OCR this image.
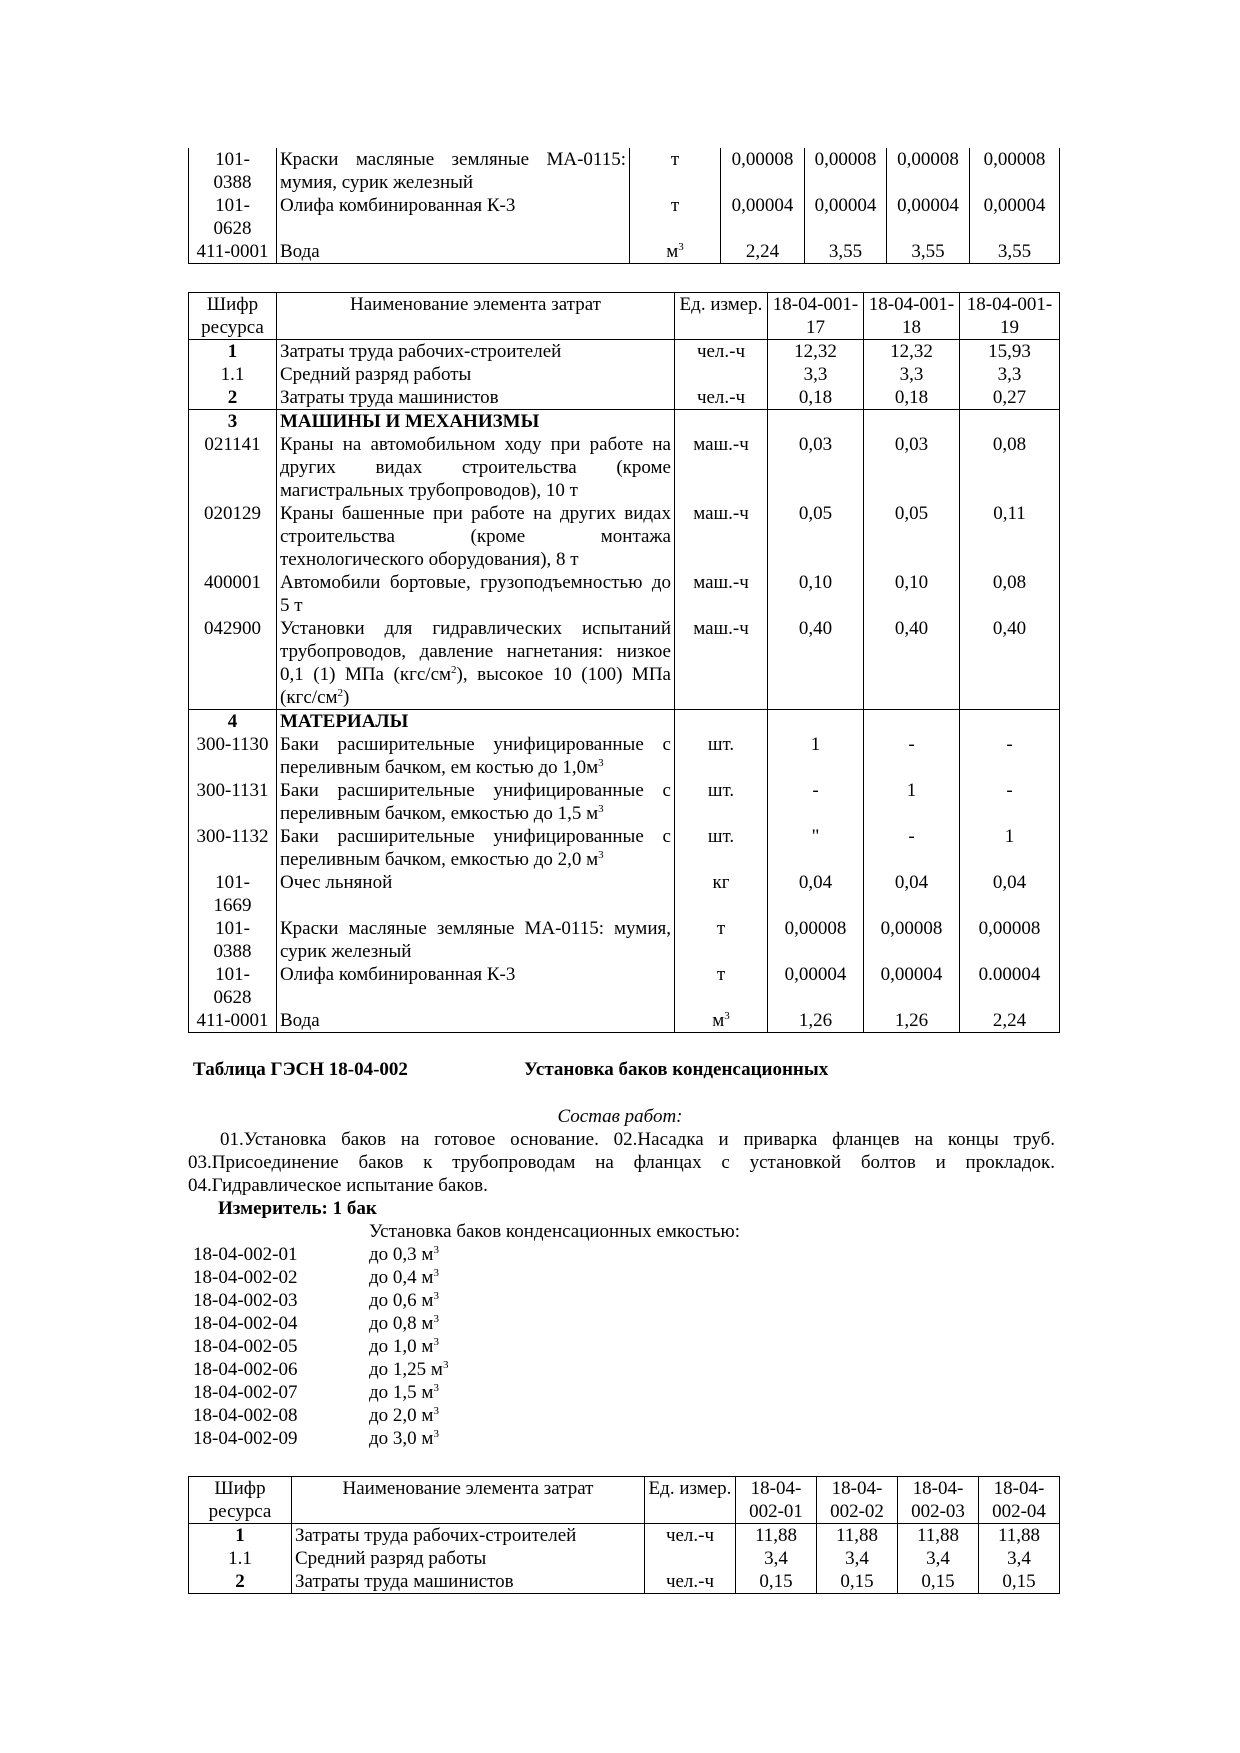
101-
0388	Краски масляные земляные МА-0115: мумия, сурик железный	т	0,00008	0,00008	0,00008	0,00008
101-
0628	Олифа комбинированная К-3	т	0,00004	0,00004	0,00004	0,00004
411-0001	Вода	$м^3$	2,24	3,55	3,55	3,55
Шифр ресурса	Наименование элемента затрат	Ед. измер.	18-04-001-17	18-04-001-18	18-04-001-19
1	Затраты труда рабочих-строителей	чел.-ч	12,32	12,32	15,93
1.1	Средний разряд работы		3,3	3,3	3,3
2	Затраты труда машинистов	чел.-ч	0,18	0,18	0,27
3	МАШИНЫ И МЕХАНИЗМЫ				
021141	Краны на автомобильном ходу при работе на других видах строительства (кроме магистральных трубопроводов), 10 т	маш.-ч	0,03	0,03	0,08
020129	Краны башенные при работе на других видах строительства (кроме монтажа технологического оборудования), 8 т	маш.-ч	0,05	0,05	0,11
400001	Автомобили бортовые, грузоподъемностью до 5 т	маш.-ч	0,10	0,10	0,08
042900	Установки для гидравлических испытаний трубопроводов, давление нагнетания: низкое 0,1 (1) МПа $(кгс/см^2)$, высокое 10 (100) МПа $(кгс/см^2)$	маш.-ч	0,40	0,40	0,40
4	МАТЕРИАЛЫ				
300-1130	Баки расширительные унифицированные с переливным бачком, ем костью до $1,0м^3$	шт.	1	-	-
300-1131	Баки расширительные унифицированные с переливным бачком, емкостью до 1,5 $м^3$	шт.	-	1	-
300-1132	Баки расширительные унифицированные с переливным бачком, емкостью до 2,0 $м^3$	шт.	"	-	1
101-
1669	Очес льняной	кг	0,04	0,04	0,04
101-
0388	Краски масляные земляные МА-0115: мумия, сурик железный	т	0,00008	0,00008	0,00008
101-
0628	Олифа комбинированная К-3	т	0,00004	0,00004	0.00004
411-0001	Вода	$м^3$	1,26	1,26	2,24
Таблица ГЭСН 18-04-002	Установка баков конденсационных
Состав работ:
01.Установка баков на готовое основание. 02.Насадка и приварка фланцев на концы труб. 03.Присоединение баков к трубопроводам на фланцах с установкой болтов и прокладок. 04.Гидравлическое испытание баков.
Измеритель: 1 бак
Установка баков конденсационных емкостью:
18-04-002-01	до 0,3 $м^3$
18-04-002-02	до 0,4 $м^3$
18-04-002-03	до 0,6 $м^3$
18-04-002-04	до 0,8 $м^3$
18-04-002-05	до 1,0 $м^3$
18-04-002-06	до 1,25 $м^3$
18-04-002-07	до 1,5 $м^3$
18-04-002-08	до 2,0 $м^3$
18-04-002-09	до 3,0 $м^3$
Шифр ресурса	Наименование элемента затрат	Ед. измер.	18-04-002-01	18-04-002-02	18-04-002-03	18-04-002-04
1	Затраты труда рабочих-строителей	чел.-ч	11,88	11,88	11,88	11,88
1.1	Средний разряд работы		3,4	3,4	3,4	3,4
2	Затраты труда машинистов	чел.-ч	0,15	0,15	0,15	0,15
